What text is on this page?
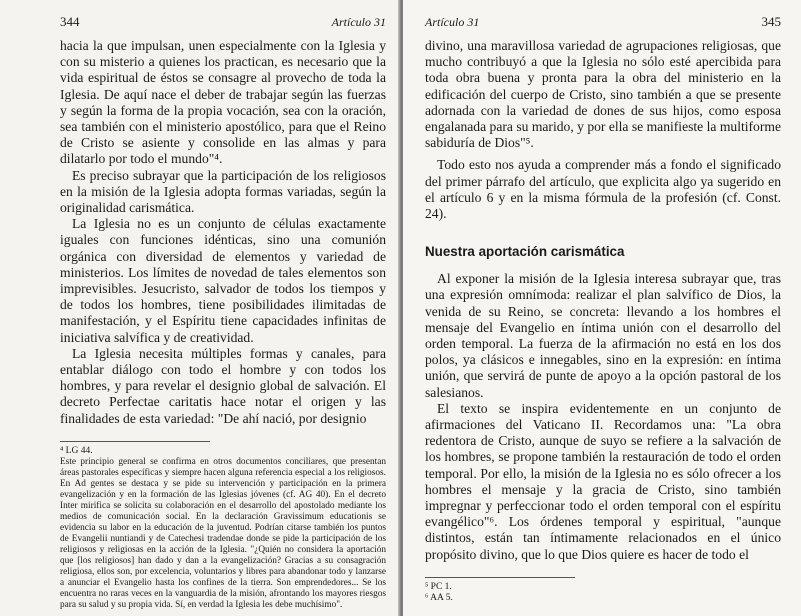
344	Artículo 31

hacia la que impulsan, unen especialmente con la Iglesia y con su misterio a quienes los practican, es necesario que la vida espiritual de éstos se consagre al provecho de toda la Iglesia. De aquí nace el deber de trabajar según las fuerzas y según la forma de la propia vocación, sea con la oración, sea también con el ministerio apostólico, para que el Reino de Cristo se asiente y consolide en las almas y para dilatarlo por todo el mundo"⁴.

Es preciso subrayar que la participación de los religiosos en la misión de la Iglesia adopta formas variadas, según la originalidad carismática.

La Iglesia no es un conjunto de células exactamente iguales con funciones idénticas, sino una comunión orgánica con diversidad de elementos y variedad de ministerios. Los límites de novedad de tales elementos son imprevisibles. Jesucristo, salvador de todos los tiempos y de todos los hombres, tiene posibilidades ilimitadas de manifestación, y el Espíritu tiene capacidades infinitas de iniciativa salvífica y de creatividad.

La Iglesia necesita múltiples formas y canales, para entablar diálogo con todo el hombre y con todos los hombres, y para revelar el designio global de salvación. El decreto Perfectae caritatis hace notar el origen y las finalidades de esta variedad: "De ahí nació, por designio

⁴ LG 44.

Este principio general se confirma en otros documentos conciliares, que presentan áreas pastorales específicas y siempre hacen alguna referencia especial a los religiosos. En Ad gentes se destaca y se pide su intervención y participación en la primera evangelización y en la formación de las Iglesias jóvenes (cf. AG 40). En el decreto Inter mirifica se solicita su colaboración en el desarrollo del apostolado mediante los medios de comunicación social. En la declaración Gravissimum educationis se evidencia su labor en la educación de la juventud. Podrían citarse también los puntos de Evangelii nuntiandi y de Catechesi tradendae donde se pide la participación de los religiosos y religiosas en la acción de la Iglesia. "¿Quién no considera la aportación que [los religiosos] han dado y dan a la evangelización? Gracias a su consagración religiosa, ellos son, por excelencia, voluntarios y libres para abandonar todo y lanzarse a anunciar el Evangelio hasta los confines de la tierra. Son emprendedores... Se los encuentra no raras veces en la vanguardia de la misión, afrontando los mayores riesgos para su salud y su propia vida. Sí, en verdad la Iglesia les debe muchísimo".

Artículo 31	345

divino, una maravillosa variedad de agrupaciones religiosas, que mucho contribuyó a que la Iglesia no sólo esté apercibida para toda obra buena y pronta para la obra del ministerio en la edificación del cuerpo de Cristo, sino también a que se presente adornada con la variedad de dones de sus hijos, como esposa engalanada para su marido, y por ella se manifieste la multiforme sabiduría de Dios"⁵.

Todo esto nos ayuda a comprender más a fondo el significado del primer párrafo del artículo, que explicita algo ya sugerido en el artículo 6 y en la misma fórmula de la profesión (cf. Const. 24).

Nuestra aportación carismática

Al exponer la misión de la Iglesia interesa subrayar que, tras una expresión omnímoda: realizar el plan salvífico de Dios, la venida de su Reino, se concreta: llevando a los hombres el mensaje del Evangelio en íntima unión con el desarrollo del orden temporal. La fuerza de la afirmación no está en los dos polos, ya clásicos e innegables, sino en la expresión: en íntima unión, que servirá de punte de apoyo a la opción pastoral de los salesianos.

El texto se inspira evidentemente en un conjunto de afirmaciones del Vaticano II. Recordamos una: "La obra redentora de Cristo, aunque de suyo se refiere a la salvación de los hombres, se propone también la restauración de todo el orden temporal. Por ello, la misión de la Iglesia no es sólo ofrecer a los hombres el mensaje y la gracia de Cristo, sino también impregnar y perfeccionar todo el orden temporal con el espíritu evangélico"⁶. Los órdenes temporal y espiritual, "aunque distintos, están tan íntimamente relacionados en el único propósito divino, que lo que Dios quiere es hacer de todo el

⁵ PC 1.

⁶ AA 5.
